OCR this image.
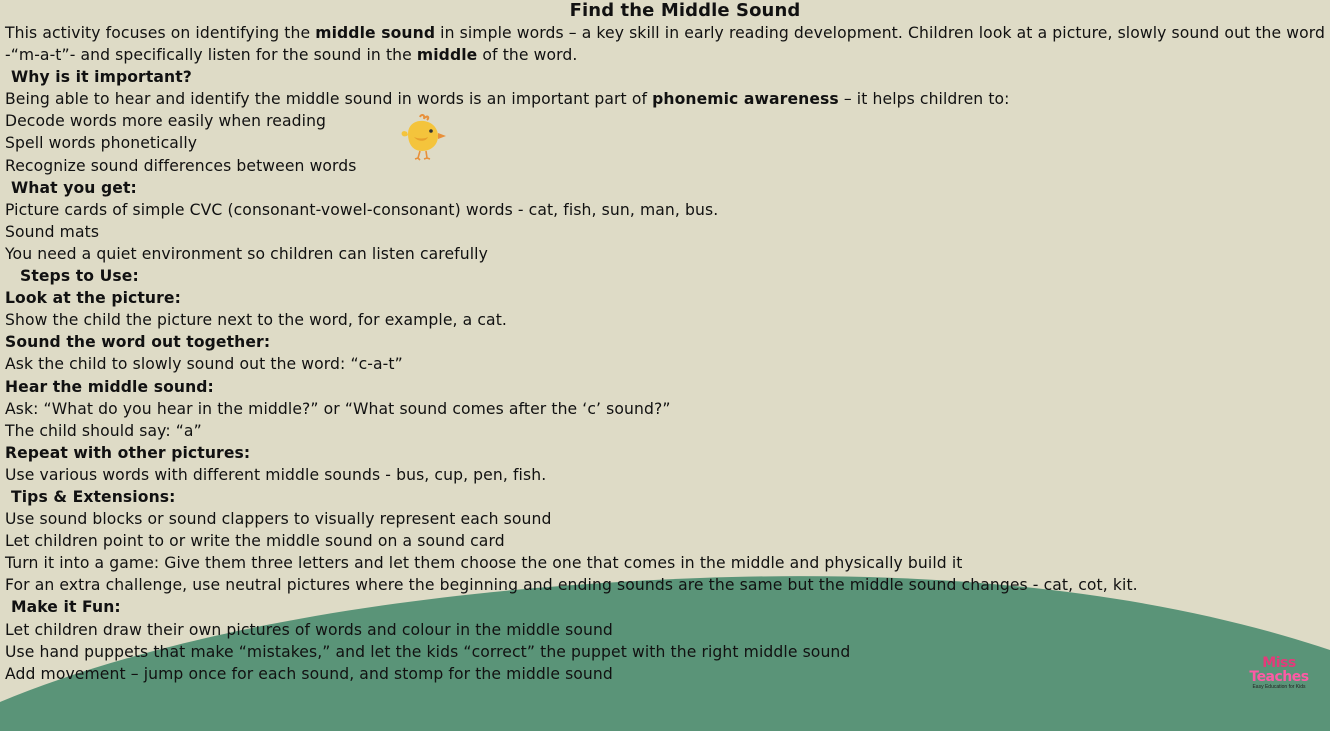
Find the Middle Sound
This activity focuses on identifying the middle sound in simple words – a key skill in early reading development. Children look at a picture, slowly sound out the word -“m-a-t”- and specifically listen for the sound in the middle of the word.
Why is it important?
Being able to hear and identify the middle sound in words is an important part of phonemic awareness – it helps children to:
Decode words more easily when reading
Spell words phonetically
Recognize sound differences between words
What you get:
Picture cards of simple CVC (consonant-vowel-consonant) words - cat, fish, sun, man, bus.
Sound mats
You need a quiet environment so children can listen carefully
Steps to Use:
Look at the picture:
Show the child the picture next to the word, for example, a cat.
Sound the word out together:
Ask the child to slowly sound out the word: “c-a-t”
Hear the middle sound:
Ask: “What do you hear in the middle?” or “What sound comes after the ‘c’ sound?”
The child should say: “a”
Repeat with other pictures:
Use various words with different middle sounds - bus, cup, pen, fish.
Tips & Extensions:
Use sound blocks or sound clappers to visually represent each sound
Let children point to or write the middle sound on a sound card
Turn it into a game: Give them three letters and let them choose the one that comes in the middle and physically build it
For an extra challenge, use neutral pictures where the beginning and ending sounds are the same but the middle sound changes - cat, cot, kit.
Make it Fun:
Let children draw their own pictures of words and colour in the middle sound
Use hand puppets that make “mistakes,” and let the kids “correct” the puppet with the right middle sound
Add movement – jump once for each sound, and stomp for the middle sound
Miss
Teaches
Easy Education for Kids
